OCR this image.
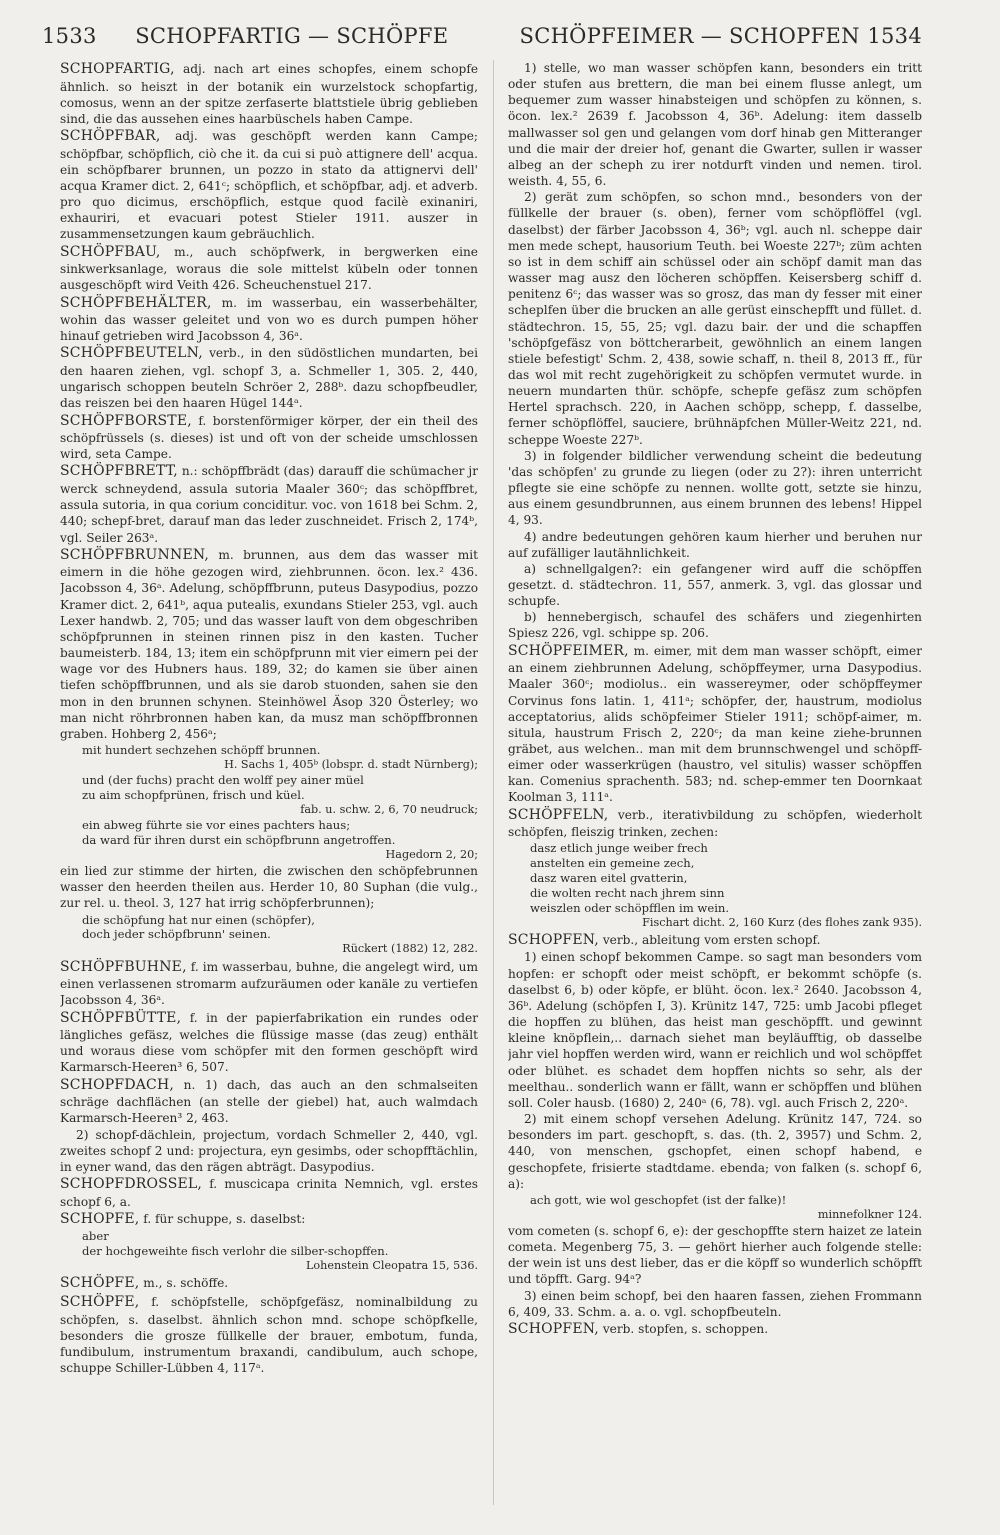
1533	SCHOPFARTIG — SCHÖPFE	SCHÖPFEIMER — SCHOPFEN 1534

SCHOPFARTIG, adj. nach art eines schopfes, einem schopfe ähnlich. so heiszt in der botanik ein wurzelstock schopfartig, comosus, wenn an der spitze zerfaserte blattstiele übrig geblieben sind, die das aussehen eines haarbüschels haben Campe.

SCHÖPFBAR, adj. was geschöpft werden kann Campe; schöpfbar, schöpflich, ciò che it. da cui si può attignere dell' acqua. ein schöpfbarer brunnen, un pozzo in stato da attignervi dell' acqua Kramer dict. 2, 641ᶜ; schöpflich, et schöpfbar, adj. et adverb. pro quo dicimus, erschöpflich, estque quod facilè exinaniri, exhauriri, et evacuari potest Stieler 1911. auszer in zusammensetzungen kaum gebräuchlich.

SCHÖPFBAU, m., auch schöpfwerk, in bergwerken eine sinkwerksanlage, woraus die sole mittelst kübeln oder tonnen ausgeschöpft wird Veith 426. Scheuchenstuel 217.

SCHÖPFBEHÄLTER, m. im wasserbau, ein wasserbehälter, wohin das wasser geleitet und von wo es durch pumpen höher hinauf getrieben wird Jacobsson 4, 36ᵃ.

SCHÖPFBEUTELN, verb., in den südöstlichen mundarten, bei den haaren ziehen, vgl. schopf 3, a. Schmeller 1, 305. 2, 440, ungarisch schoppen beuteln Schröer 2, 288ᵇ. dazu schopfbeudler, das reiszen bei den haaren Hügel 144ᵃ.

SCHÖPFBORSTE, f. borstenförmiger körper, der ein theil des schöpfrüssels (s. dieses) ist und oft von der scheide umschlossen wird, seta Campe.

SCHÖPFBRETT, n.: schöpffbrädt (das) darauff die schümacher jr werck schneydend, assula sutoria Maaler 360ᶜ; das schöpffbret, assula sutoria, in qua corium conciditur. voc. von 1618 bei Schm. 2, 440; schepf-bret, darauf man das leder zuschneidet. Frisch 2, 174ᵇ, vgl. Seiler 263ᵃ.

SCHÖPFBRUNNEN, m. brunnen, aus dem das wasser mit eimern in die höhe gezogen wird, ziehbrunnen. öcon. lex.² 436. Jacobsson 4, 36ᵃ. Adelung, schöpffbrunn, puteus Dasypodius, pozzo Kramer dict. 2, 641ᵇ, aqua putealis, exundans Stieler 253, vgl. auch Lexer handwb. 2, 705; und das wasser lauft von dem obgeschriben schöpfprunnen in steinen rinnen pisz in den kasten. Tucher baumeisterb. 184, 13; item ein schöpfprunn mit vier eimern pei der wage vor des Hubners haus. 189, 32; do kamen sie über ainen tiefen schöpffbrunnen, und als sie darob stuonden, sahen sie den mon in den brunnen schynen. Steinhöwel Äsop 320 Österley; wo man nicht röhrbronnen haben kan, da musz man schöpffbronnen graben. Hohberg 2, 456ᵃ;

mit hundert sechzehen schöpff brunnen.
H. Sachs 1, 405ᵇ (lobspr. d. stadt Nürnberg);
und (der fuchs) pracht den wolff pey ainer müel
zu aim schopfprünen, frisch und küel.
fab. u. schw. 2, 6, 70 neudruck;
ein abweg führte sie vor eines pachters haus;
da ward für ihren durst ein schöpfbrunn angetroffen.
Hagedorn 2, 20;

ein lied zur stimme der hirten, die zwischen den schöpfebrunnen wasser den heerden theilen aus. Herder 10, 80 Suphan (die vulg., zur rel. u. theol. 3, 127 hat irrig schöpferbrunnen);

die schöpfung hat nur einen (schöpfer),
doch jeder schöpfbrunn' seinen.
Rückert (1882) 12, 282.

SCHÖPFBUHNE, f. im wasserbau, buhne, die angelegt wird, um einen verlassenen stromarm aufzuräumen oder kanäle zu vertiefen Jacobsson 4, 36ᵃ.

SCHÖPFBÜTTE, f. in der papierfabrikation ein rundes oder längliches gefäsz, welches die flüssige masse (das zeug) enthält und woraus diese vom schöpfer mit den formen geschöpft wird Karmarsch-Heeren³ 6, 507.

SCHOPFDACH, n. 1) dach, das auch an den schmalseiten schräge dachflächen (an stelle der giebel) hat, auch walmdach Karmarsch-Heeren³ 2, 463.

2) schopf-dächlein, projectum, vordach Schmeller 2, 440, vgl. zweites schopf 2 und: projectura, eyn gesimbs, oder schopfftächlin, in eyner wand, das den rägen abträgt. Dasypodius.

SCHOPFDROSSEL, f. muscicapa crinita Nemnich, vgl. erstes schopf 6, a.

SCHOPFE, f. für schuppe, s. daselbst:

aber
der hochgeweihte fisch verlohr die silber-schopffen.
Lohenstein Cleopatra 15, 536.

SCHÖPFE, m., s. schöffe.

SCHÖPFE, f. schöpfstelle, schöpfgefäsz, nominalbildung zu schöpfen, s. daselbst. ähnlich schon mnd. schope schöpfkelle, besonders die grosze füllkelle der brauer, embotum, funda, fundibulum, instrumentum braxandi, candibulum, auch schope, schuppe Schiller-Lübben 4, 117ᵃ.

1) stelle, wo man wasser schöpfen kann, besonders ein tritt oder stufen aus brettern, die man bei einem flusse anlegt, um bequemer zum wasser hinabsteigen und schöpfen zu können, s. öcon. lex.² 2639 f. Jacobsson 4, 36ᵇ. Adelung: item dasselb mallwasser sol gen und gelangen vom dorf hinab gen Mitteranger und die mair der dreier hof, genant die Gwarter, sullen ir wasser albeg an der scheph zu irer notdurft vinden und nemen. tirol. weisth. 4, 55, 6.

2) gerät zum schöpfen, so schon mnd., besonders von der füllkelle der brauer (s. oben), ferner vom schöpflöffel (vgl. daselbst) der färber Jacobsson 4, 36ᵇ; vgl. auch nl. scheppe dair men mede schept, hausorium Teuth. bei Woeste 227ᵇ; züm achten so ist in dem schiff ain schüssel oder ain schöpf damit man das wasser mag ausz den löcheren schöpffen. Keisersberg schiff d. penitenz 6ᶜ; das wasser was so grosz, das man dy fesser mit einer scheplfen über die brucken an alle gerüst einschepfft und füllet. d. städtechron. 15, 55, 25; vgl. dazu bair. der und die schapffen 'schöpfgefäsz von böttcherarbeit, gewöhnlich an einem langen stiele befestigt' Schm. 2, 438, sowie schaff, n. theil 8, 2013 ff., für das wol mit recht zugehörigkeit zu schöpfen vermutet wurde. in neuern mundarten thür. schöpfe, schepfe gefäsz zum schöpfen Hertel sprachsch. 220, in Aachen schöpp, schepp, f. dasselbe, ferner schöpflöffel, sauciere, brühnäpfchen Müller-Weitz 221, nd. scheppe Woeste 227ᵇ.

3) in folgender bildlicher verwendung scheint die bedeutung 'das schöpfen' zu grunde zu liegen (oder zu 2?): ihren unterricht pflegte sie eine schöpfe zu nennen. wollte gott, setzte sie hinzu, aus einem gesundbrunnen, aus einem brunnen des lebens! Hippel 4, 93.

4) andre bedeutungen gehören kaum hierher und beruhen nur auf zufälliger lautähnlichkeit.

a) schnellgalgen?: ein gefangener wird auff die schöpffen gesetzt. d. städtechron. 11, 557, anmerk. 3, vgl. das glossar und schupfe.

b) hennebergisch, schaufel des schäfers und ziegenhirten Spiesz 226, vgl. schippe sp. 206.

SCHÖPFEIMER, m. eimer, mit dem man wasser schöpft, eimer an einem ziehbrunnen Adelung, schöpffeymer, urna Dasypodius. Maaler 360ᶜ; modiolus.. ein wassereymer, oder schöpffeymer Corvinus fons latin. 1, 411ᵃ; schöpfer, der, haustrum, modiolus acceptatorius, alids schöpfeimer Stieler 1911; schöpf-aimer, m. situla, haustrum Frisch 2, 220ᶜ; da man keine ziehe-brunnen gräbet, aus welchen.. man mit dem brunnschwengel und schöpff-eimer oder wasserkrügen (haustro, vel situlis) wasser schöpffen kan. Comenius sprachenth. 583; nd. schep-emmer ten Doornkaat Koolman 3, 111ᵃ.

SCHÖPFELN, verb., iterativbildung zu schöpfen, wiederholt schöpfen, fleiszig trinken, zechen:

dasz etlich junge weiber frech
anstelten ein gemeine zech,
dasz waren eitel gvatterin,
die wolten recht nach jhrem sinn
weiszlen oder schöpfflen im wein.
Fischart dicht. 2, 160 Kurz (des flohes zank 935).

SCHOPFEN, verb., ableitung vom ersten schopf.

1) einen schopf bekommen Campe. so sagt man besonders vom hopfen: er schopft oder meist schöpft, er bekommt schöpfe (s. daselbst 6, b) oder köpfe, er blüht. öcon. lex.² 2640. Jacobsson 4, 36ᵇ. Adelung (schöpfen I, 3). Krünitz 147, 725: umb Jacobi pfleget die hopffen zu blühen, das heist man geschöpfft. und gewinnt kleine knöpflein,.. darnach siehet man beyläufftig, ob dasselbe jahr viel hopffen werden wird, wann er reichlich und wol schöpffet oder blühet. es schadet dem hopffen nichts so sehr, als der meelthau.. sonderlich wann er fällt, wann er schöpffen und blühen soll. Coler hausb. (1680) 2, 240ᵃ (6, 78). vgl. auch Frisch 2, 220ᵃ.

2) mit einem schopf versehen Adelung. Krünitz 147, 724. so besonders im part. geschopft, s. das. (th. 2, 3957) und Schm. 2, 440, von menschen, gschopfet, einen schopf habend, e geschopfete, frisierte stadtdame. ebenda; von falken (s. schopf 6, a):

ach gott, wie wol geschopfet (ist der falke)!
minnefolkner 124.

vom cometen (s. schopf 6, e): der geschopffte stern haizet ze latein cometa. Megenberg 75, 3. — gehört hierher auch folgende stelle: der wein ist uns dest lieber, das er die köpff so wunderlich schöpfft und töpfft. Garg. 94ᵃ?

3) einen beim schopf, bei den haaren fassen, ziehen Frommann 6, 409, 33. Schm. a. a. o. vgl. schopfbeuteln.

SCHOPFEN, verb. stopfen, s. schoppen.
